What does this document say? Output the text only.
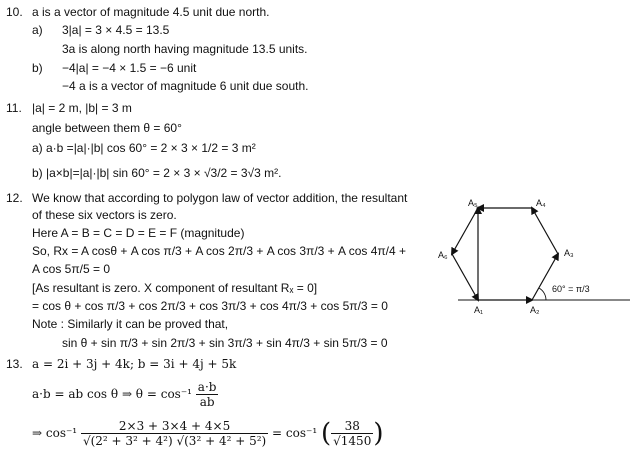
10. a is a vector of magnitude 4.5 unit due north.
a) 3|a| = 3 × 4.5 = 13.5
3a is along north having magnitude 13.5 units.
b) −4|a| = −4 × 1.5 = −6 unit
−4 a is a vector of magnitude 6 unit due south.
11. |a| = 2 m, |b| = 3 m
angle between them θ = 60°
a) a·b =|a|·|b| cos 60° = 2 × 3 × 1/2 = 3 m²
b) |a×b|=|a|·|b| sin 60° = 2 × 3 × √3/2 = 3√3 m².
12. We know that according to polygon law of vector addition, the resultant
of these six vectors is zero.
Here A = B = C = D = E = F (magnitude)
So, Rx = A cosθ + A cos π/3 + A cos 2π/3 + A cos 3π/3 + A cos 4π/4 +
A cos 5π/5 = 0
[As resultant is zero. X component of resultant Rₓ = 0]
= cos θ + cos π/3 + cos 2π/3 + cos 3π/3 + cos 4π/3 + cos 5π/3 = 0
Note : Similarly it can be proved that,
sin θ + sin π/3 + sin 2π/3 + sin 3π/3 + sin 4π/3 + sin 5π/3 = 0
A₅	A₄
A₃
A₆
A₁	A₂
60° = π/3
13. a = 2i + 3j + 4k; b = 3i + 4j + 5k
a·b = ab cos θ ⇒ $\theta = \cos^{-1} \frac{a\cdot b}{ab}$
⇒ $\cos^{-1} \frac{2\times 3 + 3\times 4 + 4\times 5}{\text{√(2² + 3² + 4²) √(3² + 4² + 5²)}} = \cos^{-1}$ ( $\frac{38}{√1450}$ )
